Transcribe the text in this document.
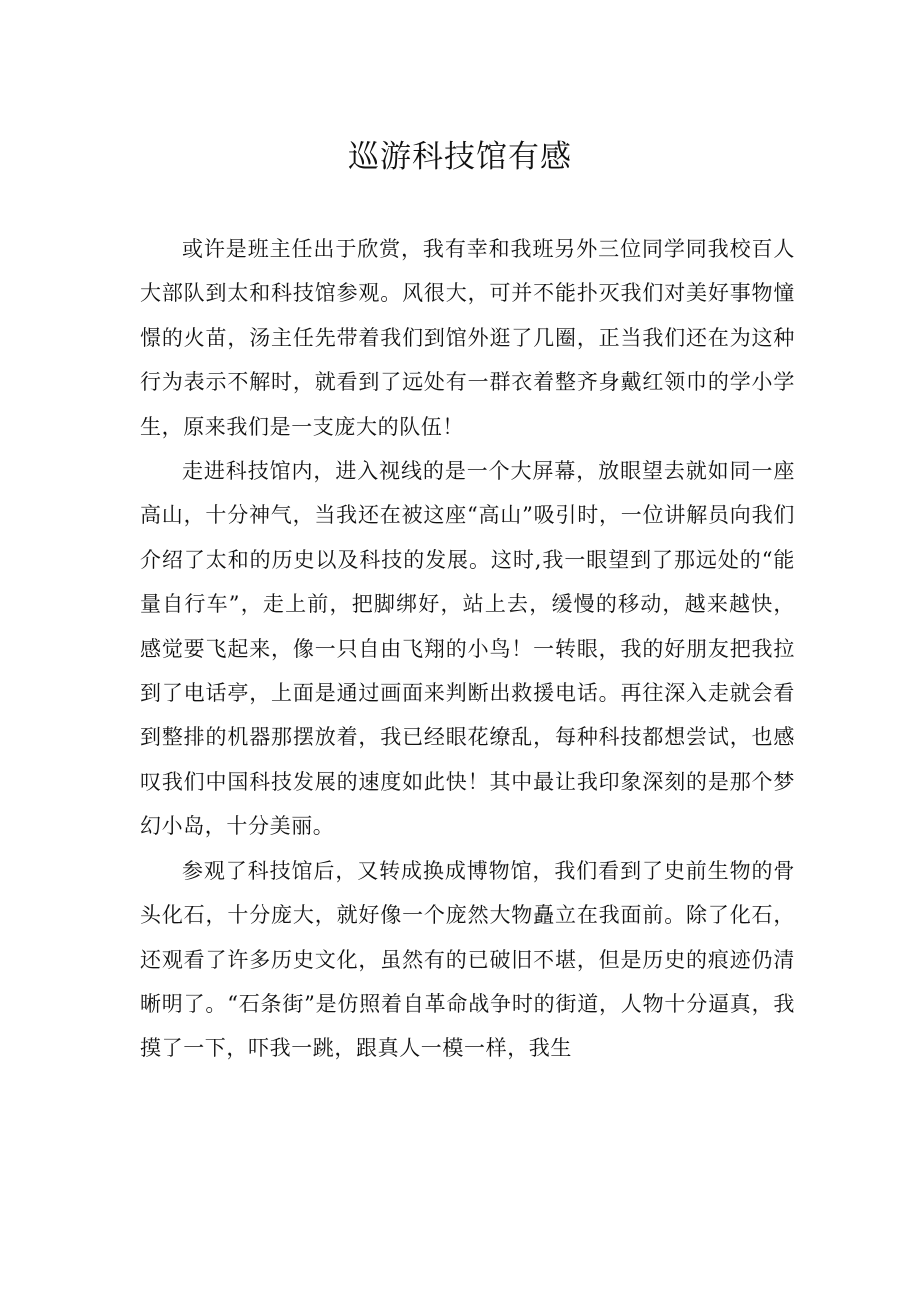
巡游科技馆有感

或许是班主任出于欣赏，我有幸和我班另外三位同学同我校百人大部队到太和科技馆参观。风很大，可并不能扑灭我们对美好事物憧憬的火苗，汤主任先带着我们到馆外逛了几圈，正当我们还在为这种行为表示不解时，就看到了远处有一群衣着整齐身戴红领巾的学小学生，原来我们是一支庞大的队伍！

走进科技馆内，进入视线的是一个大屏幕，放眼望去就如同一座高山，十分神气，当我还在被这座“高山”吸引时，一位讲解员向我们介绍了太和的历史以及科技的发展。这时,我一眼望到了那远处的“能量自行车”，走上前，把脚绑好，站上去，缓慢的移动，越来越快，感觉要飞起来，像一只自由飞翔的小鸟！一转眼，我的好朋友把我拉到了电话亭，上面是通过画面来判断出救援电话。再往深入走就会看到整排的机器那摆放着，我已经眼花缭乱，每种科技都想尝试，也感叹我们中国科技发展的速度如此快！其中最让我印象深刻的是那个梦幻小岛，十分美丽。

参观了科技馆后，又转成换成博物馆，我们看到了史前生物的骨头化石，十分庞大，就好像一个庞然大物矗立在我面前。除了化石，还观看了许多历史文化，虽然有的已破旧不堪，但是历史的痕迹仍清晰明了。“石条街”是仿照着自革命战争时的街道，人物十分逼真，我摸了一下，吓我一跳，跟真人一模一样，我生
